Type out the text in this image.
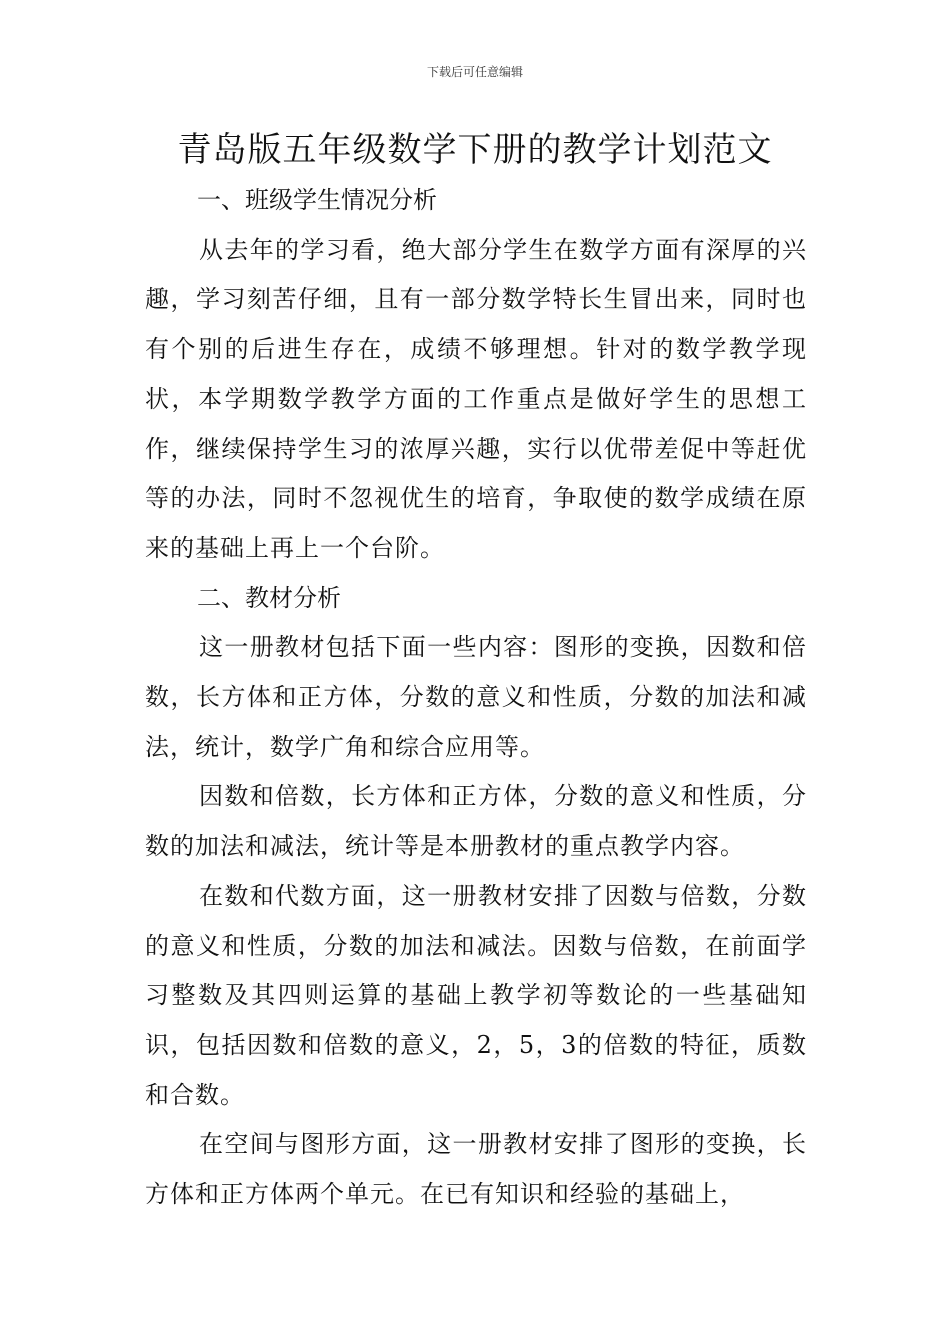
下载后可任意编辑
青岛版五年级数学下册的教学计划范文
一、班级学生情况分析

从去年的学习看，绝大部分学生在数学方面有深厚的兴趣，学习刻苦仔细，且有一部分数学特长生冒出来，同时也有个别的后进生存在，成绩不够理想。针对的数学教学现状，本学期数学教学方面的工作重点是做好学生的思想工作，继续保持学生习的浓厚兴趣，实行以优带差促中等赶优等的办法，同时不忽视优生的培育，争取使的数学成绩在原来的基础上再上一个台阶。

二、教材分析

这一册教材包括下面一些内容：图形的变换，因数和倍数，长方体和正方体，分数的意义和性质，分数的加法和减法，统计，数学广角和综合应用等。

因数和倍数，长方体和正方体，分数的意义和性质，分数的加法和减法，统计等是本册教材的重点教学内容。

在数和代数方面，这一册教材安排了因数与倍数，分数的意义和性质，分数的加法和减法。因数与倍数，在前面学习整数及其四则运算的基础上教学初等数论的一些基础知识，包括因数和倍数的意义，2，5，3的倍数的特征，质数和合数。

在空间与图形方面，这一册教材安排了图形的变换，长方体和正方体两个单元。在已有知识和经验的基础上，
